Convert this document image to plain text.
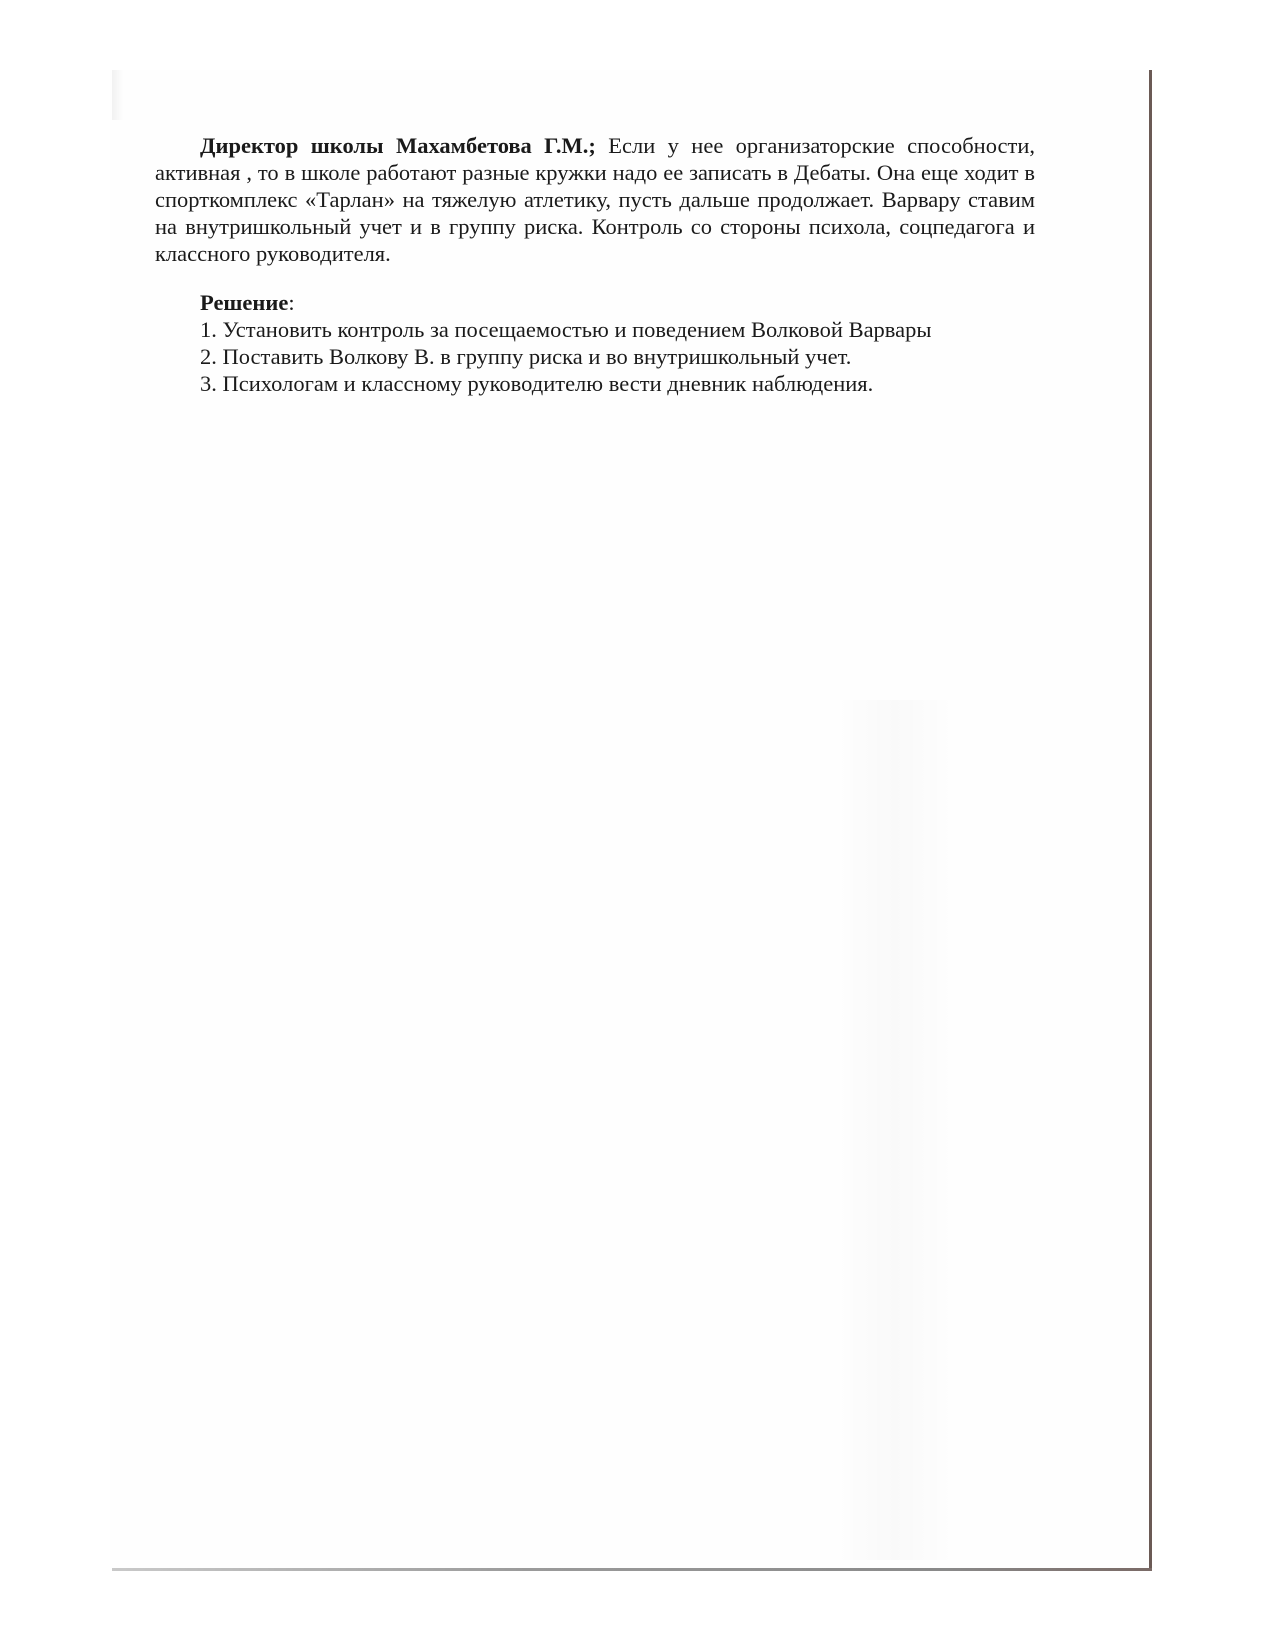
Директор школы Махамбетова Г.М.; Если у нее организаторские способности, активная , то в школе работают разные кружки надо ее записать в Дебаты. Она еще ходит в спорткомплекс «Тарлан» на тяжелую атлетику, пусть дальше продолжает. Варвару ставим на внутришкольный учет и в группу риска. Контроль со стороны психола, соцпедагога и классного руководителя.

Решение:

1. Установить контроль за посещаемостью и поведением Волковой Варвары
2. Поставить Волкову В. в группу риска и во внутришкольный учет.
3. Психологам и классному руководителю вести дневник наблюдения.
